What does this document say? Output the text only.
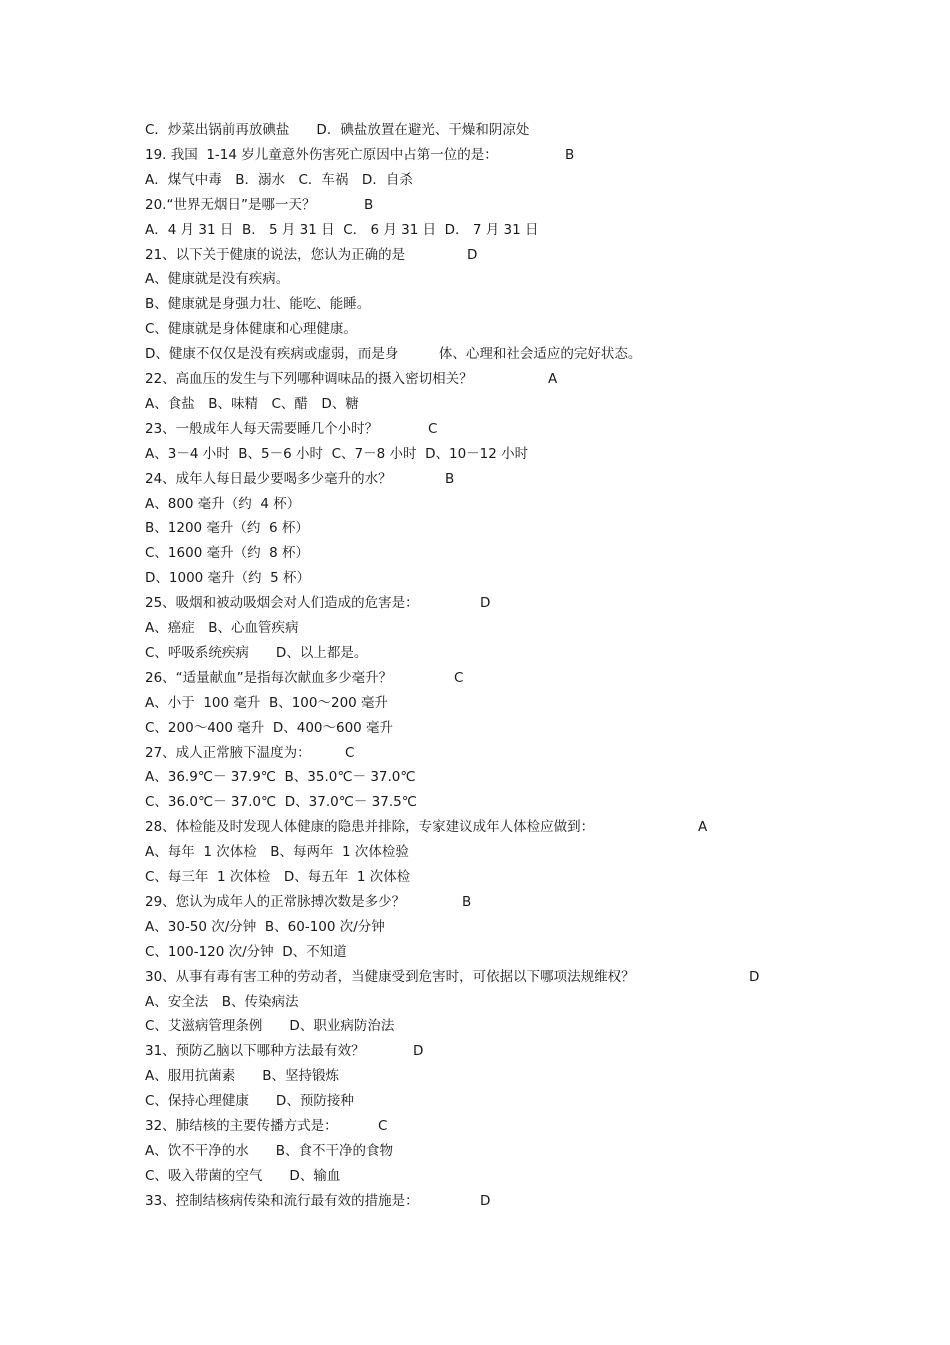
C．炒菜出锅前再放碘盐　　D．碘盐放置在避光、干燥和阴凉处
19. 我国  1-14 岁儿童意外伤害死亡原因中占第一位的是：	B
A．煤气中毒　B．溺水　C．车祸　D．自杀
20.“世界无烟日”是哪一天？	B
A．4 月 31 日  B． 5 月 31 日  C． 6 月 31 日  D． 7 月 31 日
21、以下关于健康的说法，您认为正确的是	D
A、健康就是没有疾病。
B、健康就是身强力壮、能吃、能睡。
C、健康就是身体健康和心理健康。
D、健康不仅仅是没有疾病或虚弱，而是身　　　体、心理和社会适应的完好状态。
22、高血压的发生与下列哪种调味品的摄入密切相关？	A
A、食盐　B、味精　C、醋　D、糖
23、一般成年人每天需要睡几个小时？	C
A、3－4 小时  B、5－6 小时  C、7－8 小时  D、10－12 小时
24、成年人每日最少要喝多少毫升的水？	B
A、800 毫升（约  4 杯）
B、1200 毫升（约  6 杯）
C、1600 毫升（约  8 杯）
D、1000 毫升（约  5 杯）
25、吸烟和被动吸烟会对人们造成的危害是：	D
A、癌症　B、心血管疾病
C、呼吸系统疾病　　D、以上都是。
26、“适量献血”是指每次献血多少毫升？	C
A、小于  100 毫升  B、100～200 毫升
C、200～400 毫升  D、400～600 毫升
27、成人正常腋下温度为：	C
A、36.9℃－ 37.9℃  B、35.0℃－ 37.0℃
C、36.0℃－ 37.0℃  D、37.0℃－ 37.5℃
28、体检能及时发现人体健康的隐患并排除，专家建议成年人体检应做到：	A
A、每年  1 次体检　B、每两年  1 次体检验
C、每三年  1 次体检　D、每五年  1 次体检
29、您认为成年人的正常脉搏次数是多少？	B
A、30-50 次/分钟  B、60-100 次/分钟
C、100-120 次/分钟  D、不知道
30、从事有毒有害工种的劳动者，当健康受到危害时，可依据以下哪项法规维权？	D
A、安全法　B、传染病法
C、艾滋病管理条例　　D、职业病防治法
31、预防乙脑以下哪种方法最有效？	D
A、服用抗菌素　　B、坚持锻炼
C、保持心理健康　　D、预防接种
32、肺结核的主要传播方式是：	C
A、饮不干净的水　　B、食不干净的食物
C、吸入带菌的空气　　D、输血
33、控制结核病传染和流行最有效的措施是：	D
